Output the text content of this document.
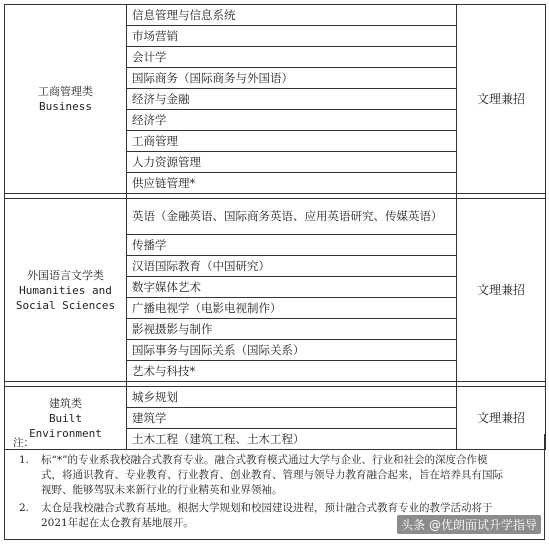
工商管理类
Business	信息管理与信息系统	文理兼招
	市场营销	
	会计学	
	国际商务（国际商务与外国语）	
	经济与金融	
	经济学	
	工商管理	
	人力资源管理	
	供应链管理*	

外国语言文学类
Humanities and
Social Sciences	英语（金融英语、国际商务英语、应用英语研究、传媒英语）	文理兼招
	传播学	
	汉语国际教育（中国研究）	
	数字媒体艺术	
	广播电视学（电影电视制作）	
	影视摄影与制作	
	国际事务与国际关系（国际关系）	
	艺术与科技*	

建筑类
Built
Environment	城乡规划	文理兼招
	建筑学	
	土木工程（建筑工程、土木工程）	
注：
1.	标“*”的专业系我校融合式教育专业。融合式教育模式通过大学与企业、行业和社会的深度合作模式，将通识教育、专业教育、行业教育、创业教育、管理与领导力教育融合起来，旨在培养具有国际视野、能够驾驭未来新行业的行业精英和业界领袖。
2.	太仓是我校融合式教育基地。根据大学规划和校园建设进程，预计融合式教育专业的教学活动将于2021年起在太仓教育基地展开。	头条 @优朗面试升学指导
